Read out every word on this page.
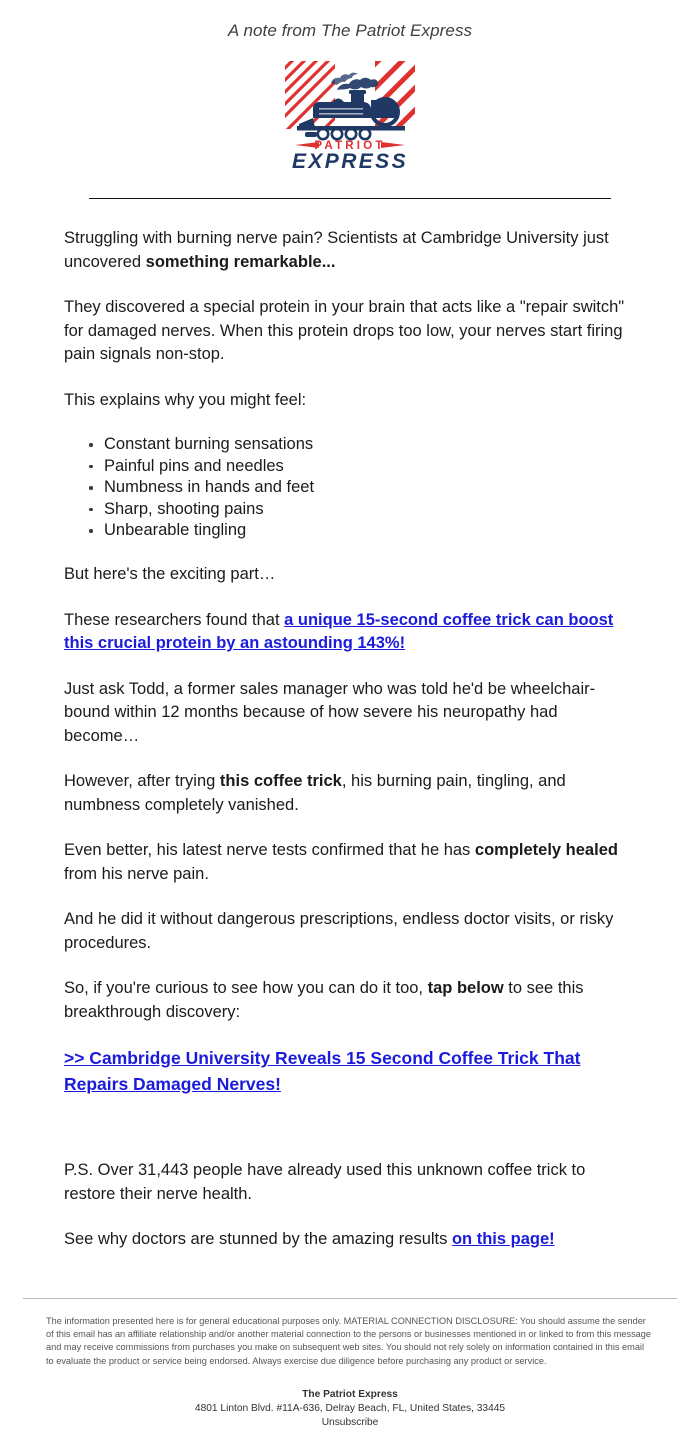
A note from The Patriot Express
PATRIOT
EXPRESS

Struggling with burning nerve pain? Scientists at Cambridge University just uncovered something remarkable...

They discovered a special protein in your brain that acts like a "repair switch" for damaged nerves. When this protein drops too low, your nerves start firing pain signals non-stop.

This explains why you might feel:

Constant burning sensations
Painful pins and needles
Numbness in hands and feet
Sharp, shooting pains
Unbearable tingling

But here's the exciting part…

These researchers found that a unique 15-second coffee trick can boost this crucial protein by an astounding 143%!

Just ask Todd, a former sales manager who was told he'd be wheelchair-bound within 12 months because of how severe his neuropathy had become…

However, after trying this coffee trick, his burning pain, tingling, and numbness completely vanished.

Even better, his latest nerve tests confirmed that he has completely healed from his nerve pain.

And he did it without dangerous prescriptions, endless doctor visits, or risky procedures.

So, if you're curious to see how you can do it too, tap below to see this breakthrough discovery:

>> Cambridge University Reveals 15 Second Coffee Trick That Repairs Damaged Nerves!

P.S. Over 31,443 people have already used this unknown coffee trick to restore their nerve health.

See why doctors are stunned by the amazing results on this page!

The information presented here is for general educational purposes only. MATERIAL CONNECTION DISCLOSURE: You should assume the sender of this email has an affiliate relationship and/or another material connection to the persons or businesses mentioned in or linked to from this message and may receive commissions from purchases you make on subsequent web sites. You should not rely solely on information contained in this email to evaluate the product or service being endorsed. Always exercise due diligence before purchasing any product or service.
The Patriot Express
4801 Linton Blvd. #11A-636, Delray Beach, FL, United States, 33445
Unsubscribe
